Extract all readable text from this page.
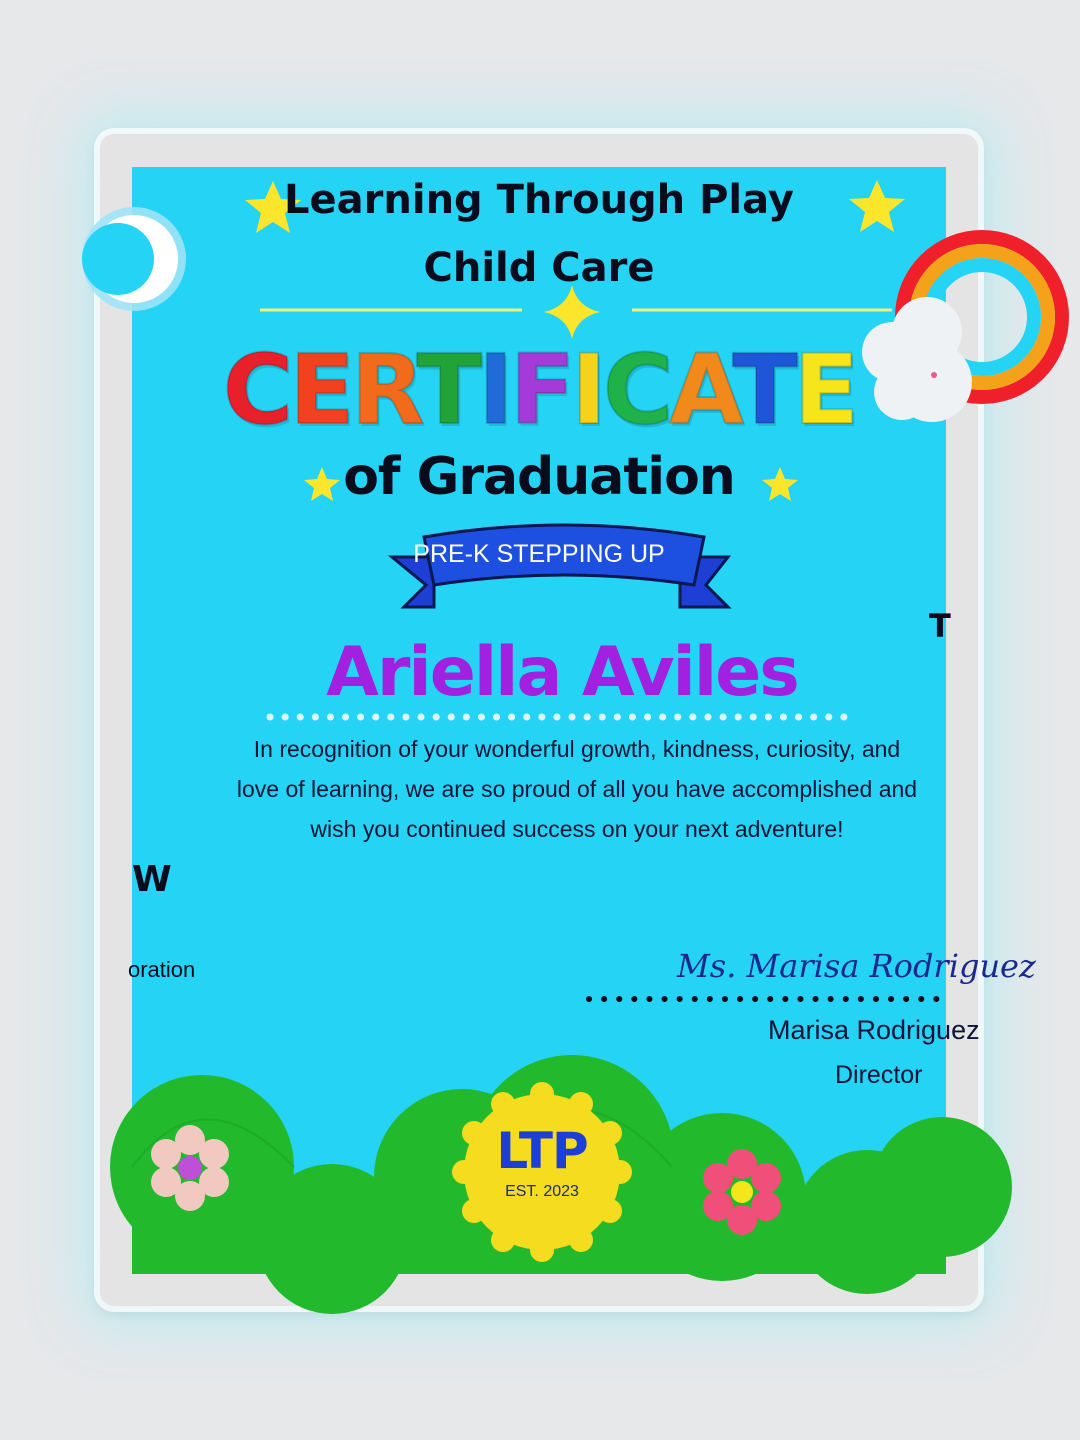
Learning Through Play
Child Care
CERTIFICATE
of Graduation
PRE-K STEPPING UP
Ariella Aviles
In recognition of your wonderful growth, kindness, curiosity, and love of learning, we are so proud of all you have accomplished and wish you continued success on your next adventure!
W
T
oration	Ms. Marisa Rodriguez
Marisa Rodriguez
Director
LTP
EST. 2023
